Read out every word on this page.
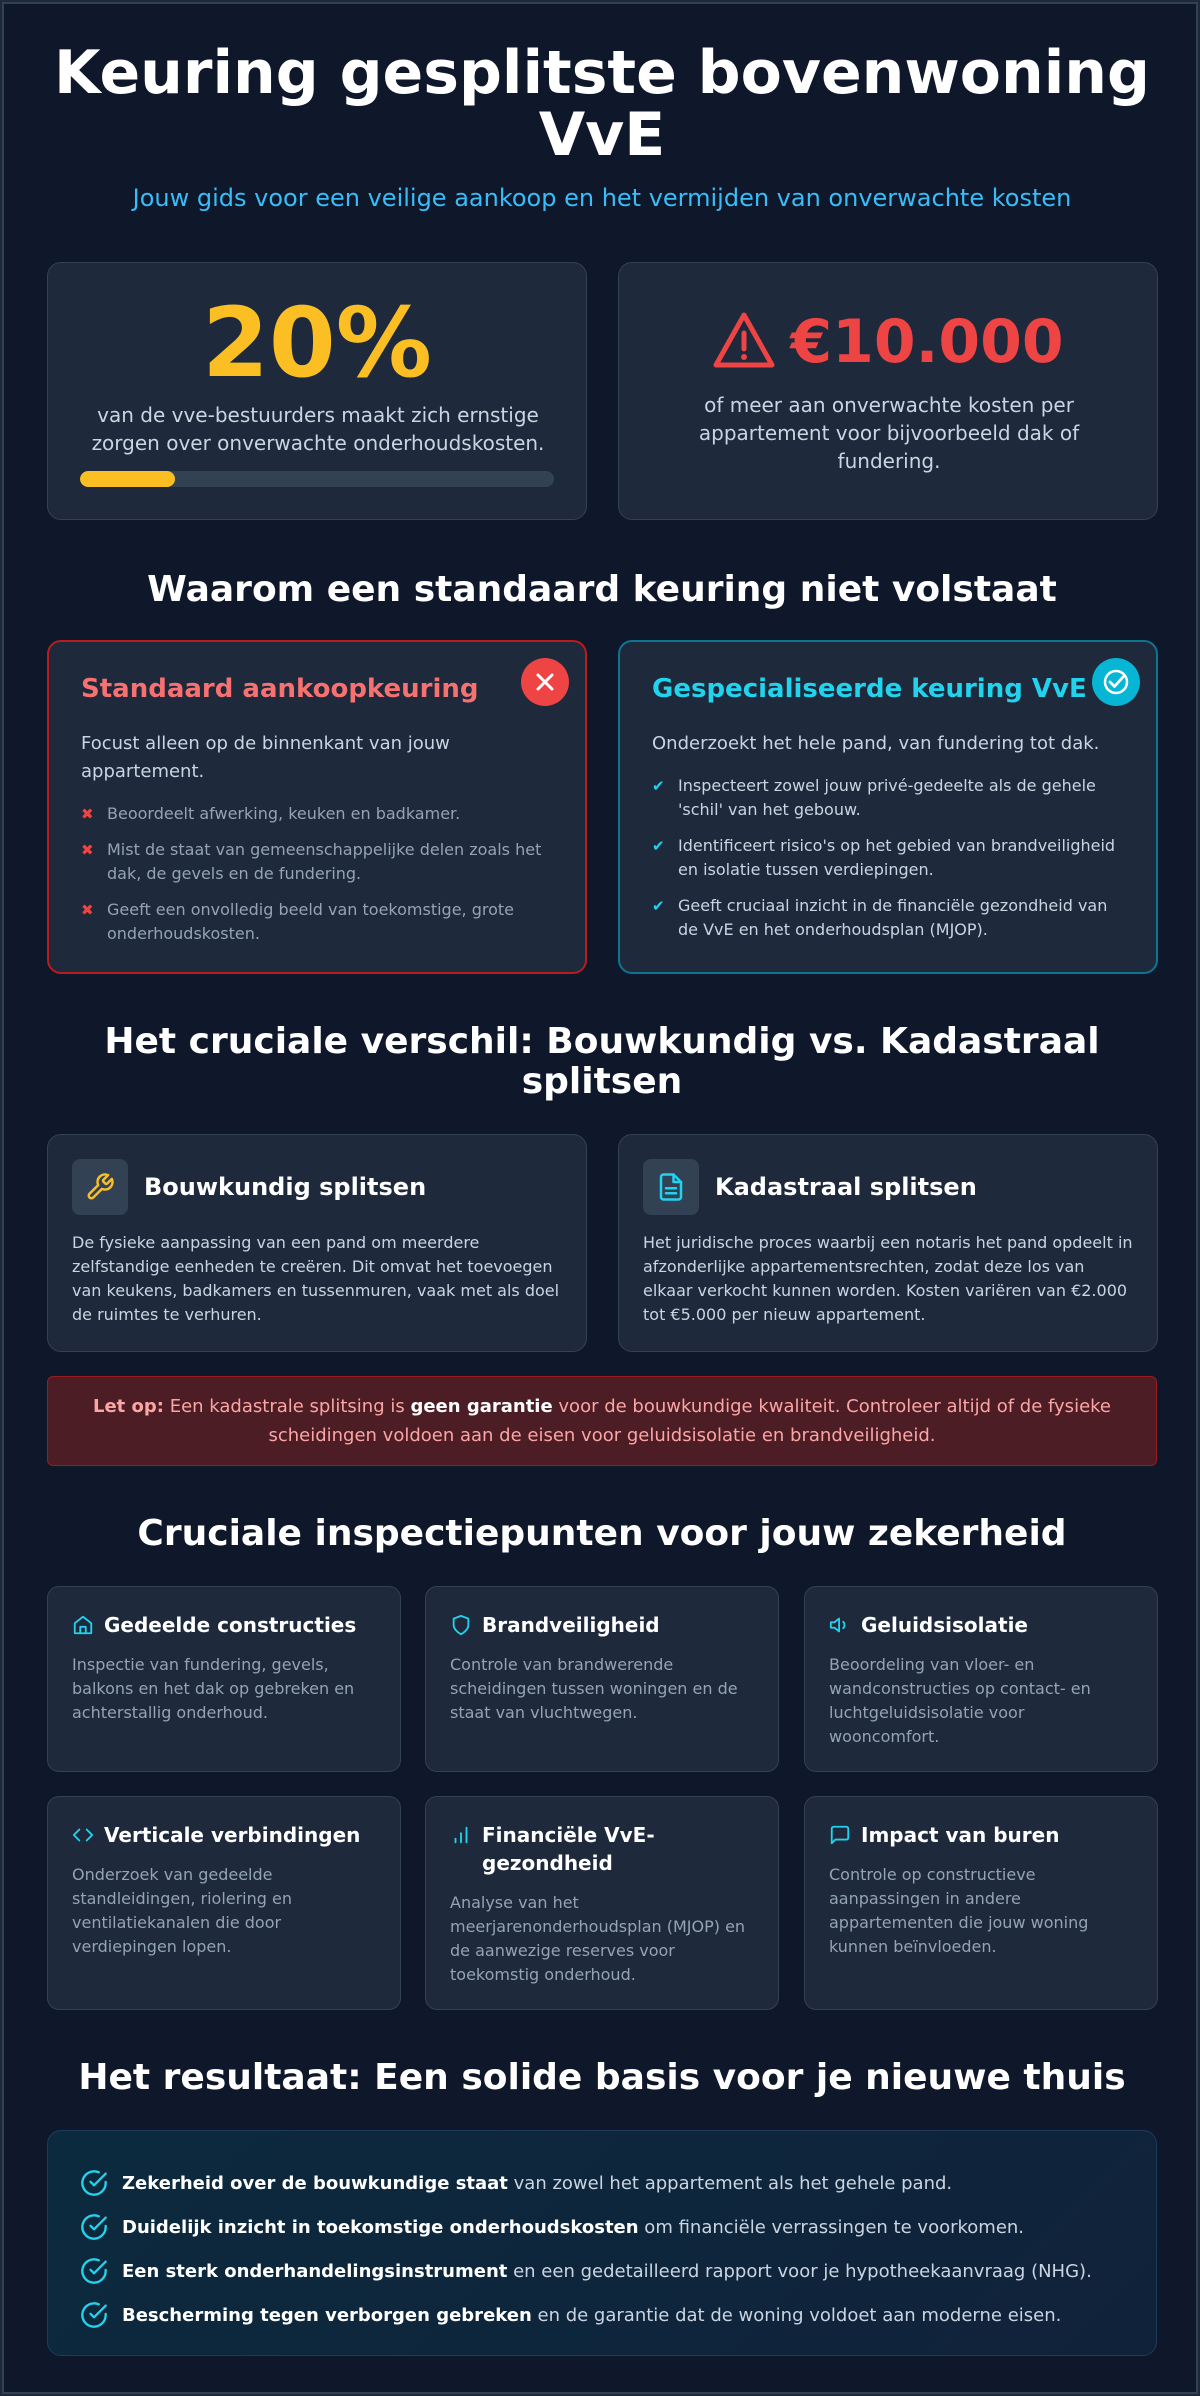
Keuring gesplitste bovenwoning VvE
Jouw gids voor een veilige aankoop en het vermijden van onverwachte kosten
20%
van de vve-bestuurders maakt zich ernstige zorgen over onverwachte onderhoudskosten.
€10.000
of meer aan onverwachte kosten per appartement voor bijvoorbeeld dak of fundering.
Waarom een standaard keuring niet volstaat
Standaard aankoopkeuring
Focust alleen op de binnenkant van jouw appartement.
✖ Beoordeelt afwerking, keuken en badkamer.
✖ Mist de staat van gemeenschappelijke delen zoals het dak, de gevels en de fundering.
✖ Geeft een onvolledig beeld van toekomstige, grote onderhoudskosten.
Gespecialiseerde keuring VvE
Onderzoekt het hele pand, van fundering tot dak.
✔ Inspecteert zowel jouw privé-gedeelte als de gehele 'schil' van het gebouw.
✔ Identificeert risico's op het gebied van brandveiligheid en isolatie tussen verdiepingen.
✔ Geeft cruciaal inzicht in de financiële gezondheid van de VvE en het onderhoudsplan (MJOP).
Het cruciale verschil: Bouwkundig vs. Kadastraal splitsen
Bouwkundig splitsen
De fysieke aanpassing van een pand om meerdere zelfstandige eenheden te creëren. Dit omvat het toevoegen van keukens, badkamers en tussenmuren, vaak met als doel de ruimtes te verhuren.
Kadastraal splitsen
Het juridische proces waarbij een notaris het pand opdeelt in afzonderlijke appartementsrechten, zodat deze los van elkaar verkocht kunnen worden. Kosten variëren van €2.000 tot €5.000 per nieuw appartement.
Let op: Een kadastrale splitsing is geen garantie voor de bouwkundige kwaliteit. Controleer altijd of de fysieke scheidingen voldoen aan de eisen voor geluidsisolatie en brandveiligheid.
Cruciale inspectiepunten voor jouw zekerheid
Gedeelde constructies
Inspectie van fundering, gevels, balkons en het dak op gebreken en achterstallig onderhoud.
Brandveiligheid
Controle van brandwerende scheidingen tussen woningen en de staat van vluchtwegen.
Geluidsisolatie
Beoordeling van vloer- en wandconstructies op contact- en luchtgeluidsisolatie voor wooncomfort.
Verticale verbindingen
Onderzoek van gedeelde standleidingen, riolering en ventilatiekanalen die door verdiepingen lopen.
Financiële VvE-gezondheid
Analyse van het meerjarenonderhoudsplan (MJOP) en de aanwezige reserves voor toekomstig onderhoud.
Impact van buren
Controle op constructieve aanpassingen in andere appartementen die jouw woning kunnen beïnvloeden.
Het resultaat: Een solide basis voor je nieuwe thuis
Zekerheid over de bouwkundige staat van zowel het appartement als het gehele pand.
Duidelijk inzicht in toekomstige onderhoudskosten om financiële verrassingen te voorkomen.
Een sterk onderhandelingsinstrument en een gedetailleerd rapport voor je hypotheekaanvraag (NHG).
Bescherming tegen verborgen gebreken en de garantie dat de woning voldoet aan moderne eisen.
